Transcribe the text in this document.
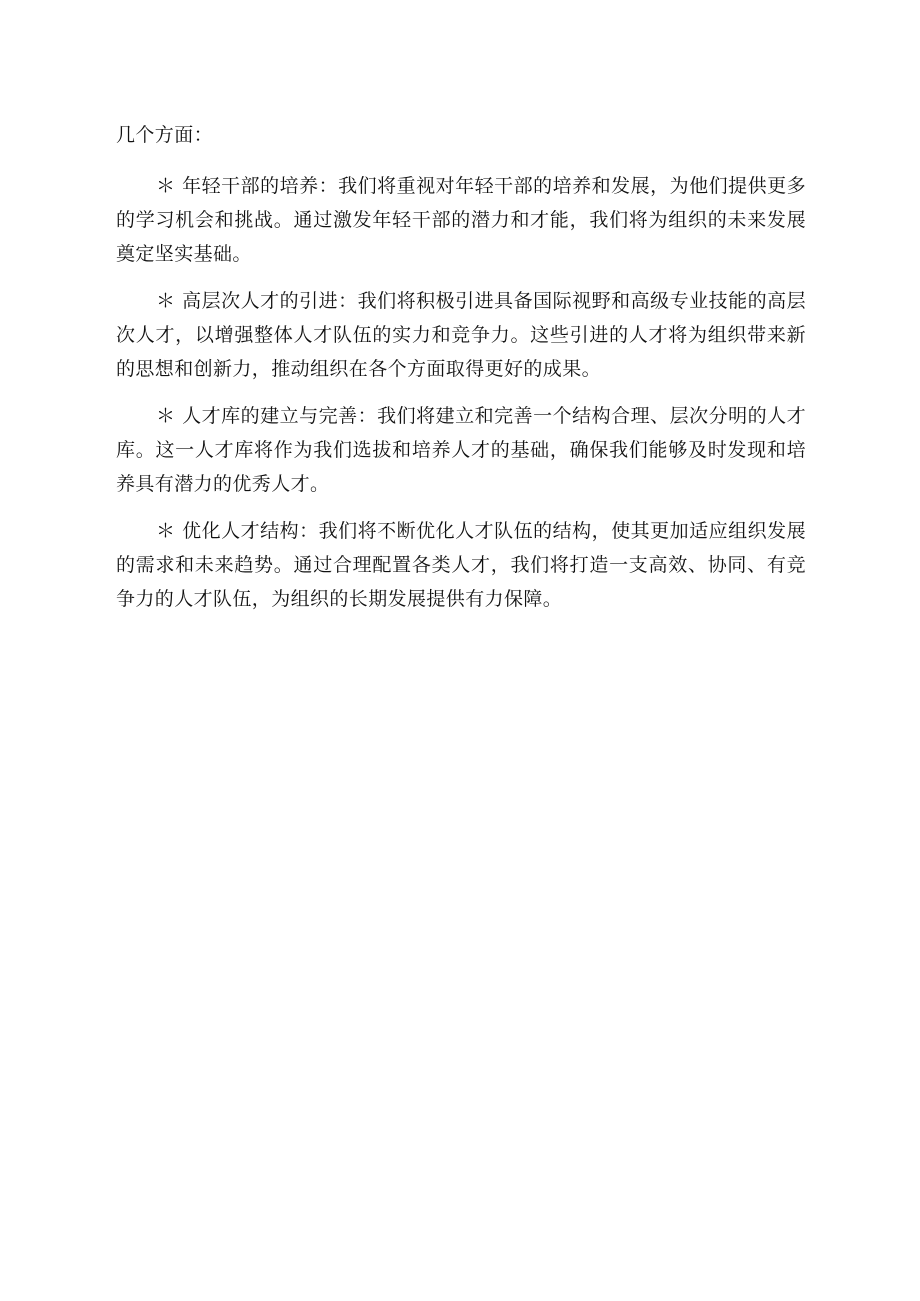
几个方面：

＊ 年轻干部的培养：我们将重视对年轻干部的培养和发展，为他们提供更多的学习机会和挑战。通过激发年轻干部的潜力和才能，我们将为组织的未来发展奠定坚实基础。

＊ 高层次人才的引进：我们将积极引进具备国际视野和高级专业技能的高层次人才，以增强整体人才队伍的实力和竞争力。这些引进的人才将为组织带来新的思想和创新力，推动组织在各个方面取得更好的成果。

＊ 人才库的建立与完善：我们将建立和完善一个结构合理、层次分明的人才库。这一人才库将作为我们选拔和培养人才的基础，确保我们能够及时发现和培养具有潜力的优秀人才。

＊ 优化人才结构：我们将不断优化人才队伍的结构，使其更加适应组织发展的需求和未来趋势。通过合理配置各类人才，我们将打造一支高效、协同、有竞争力的人才队伍，为组织的长期发展提供有力保障。
